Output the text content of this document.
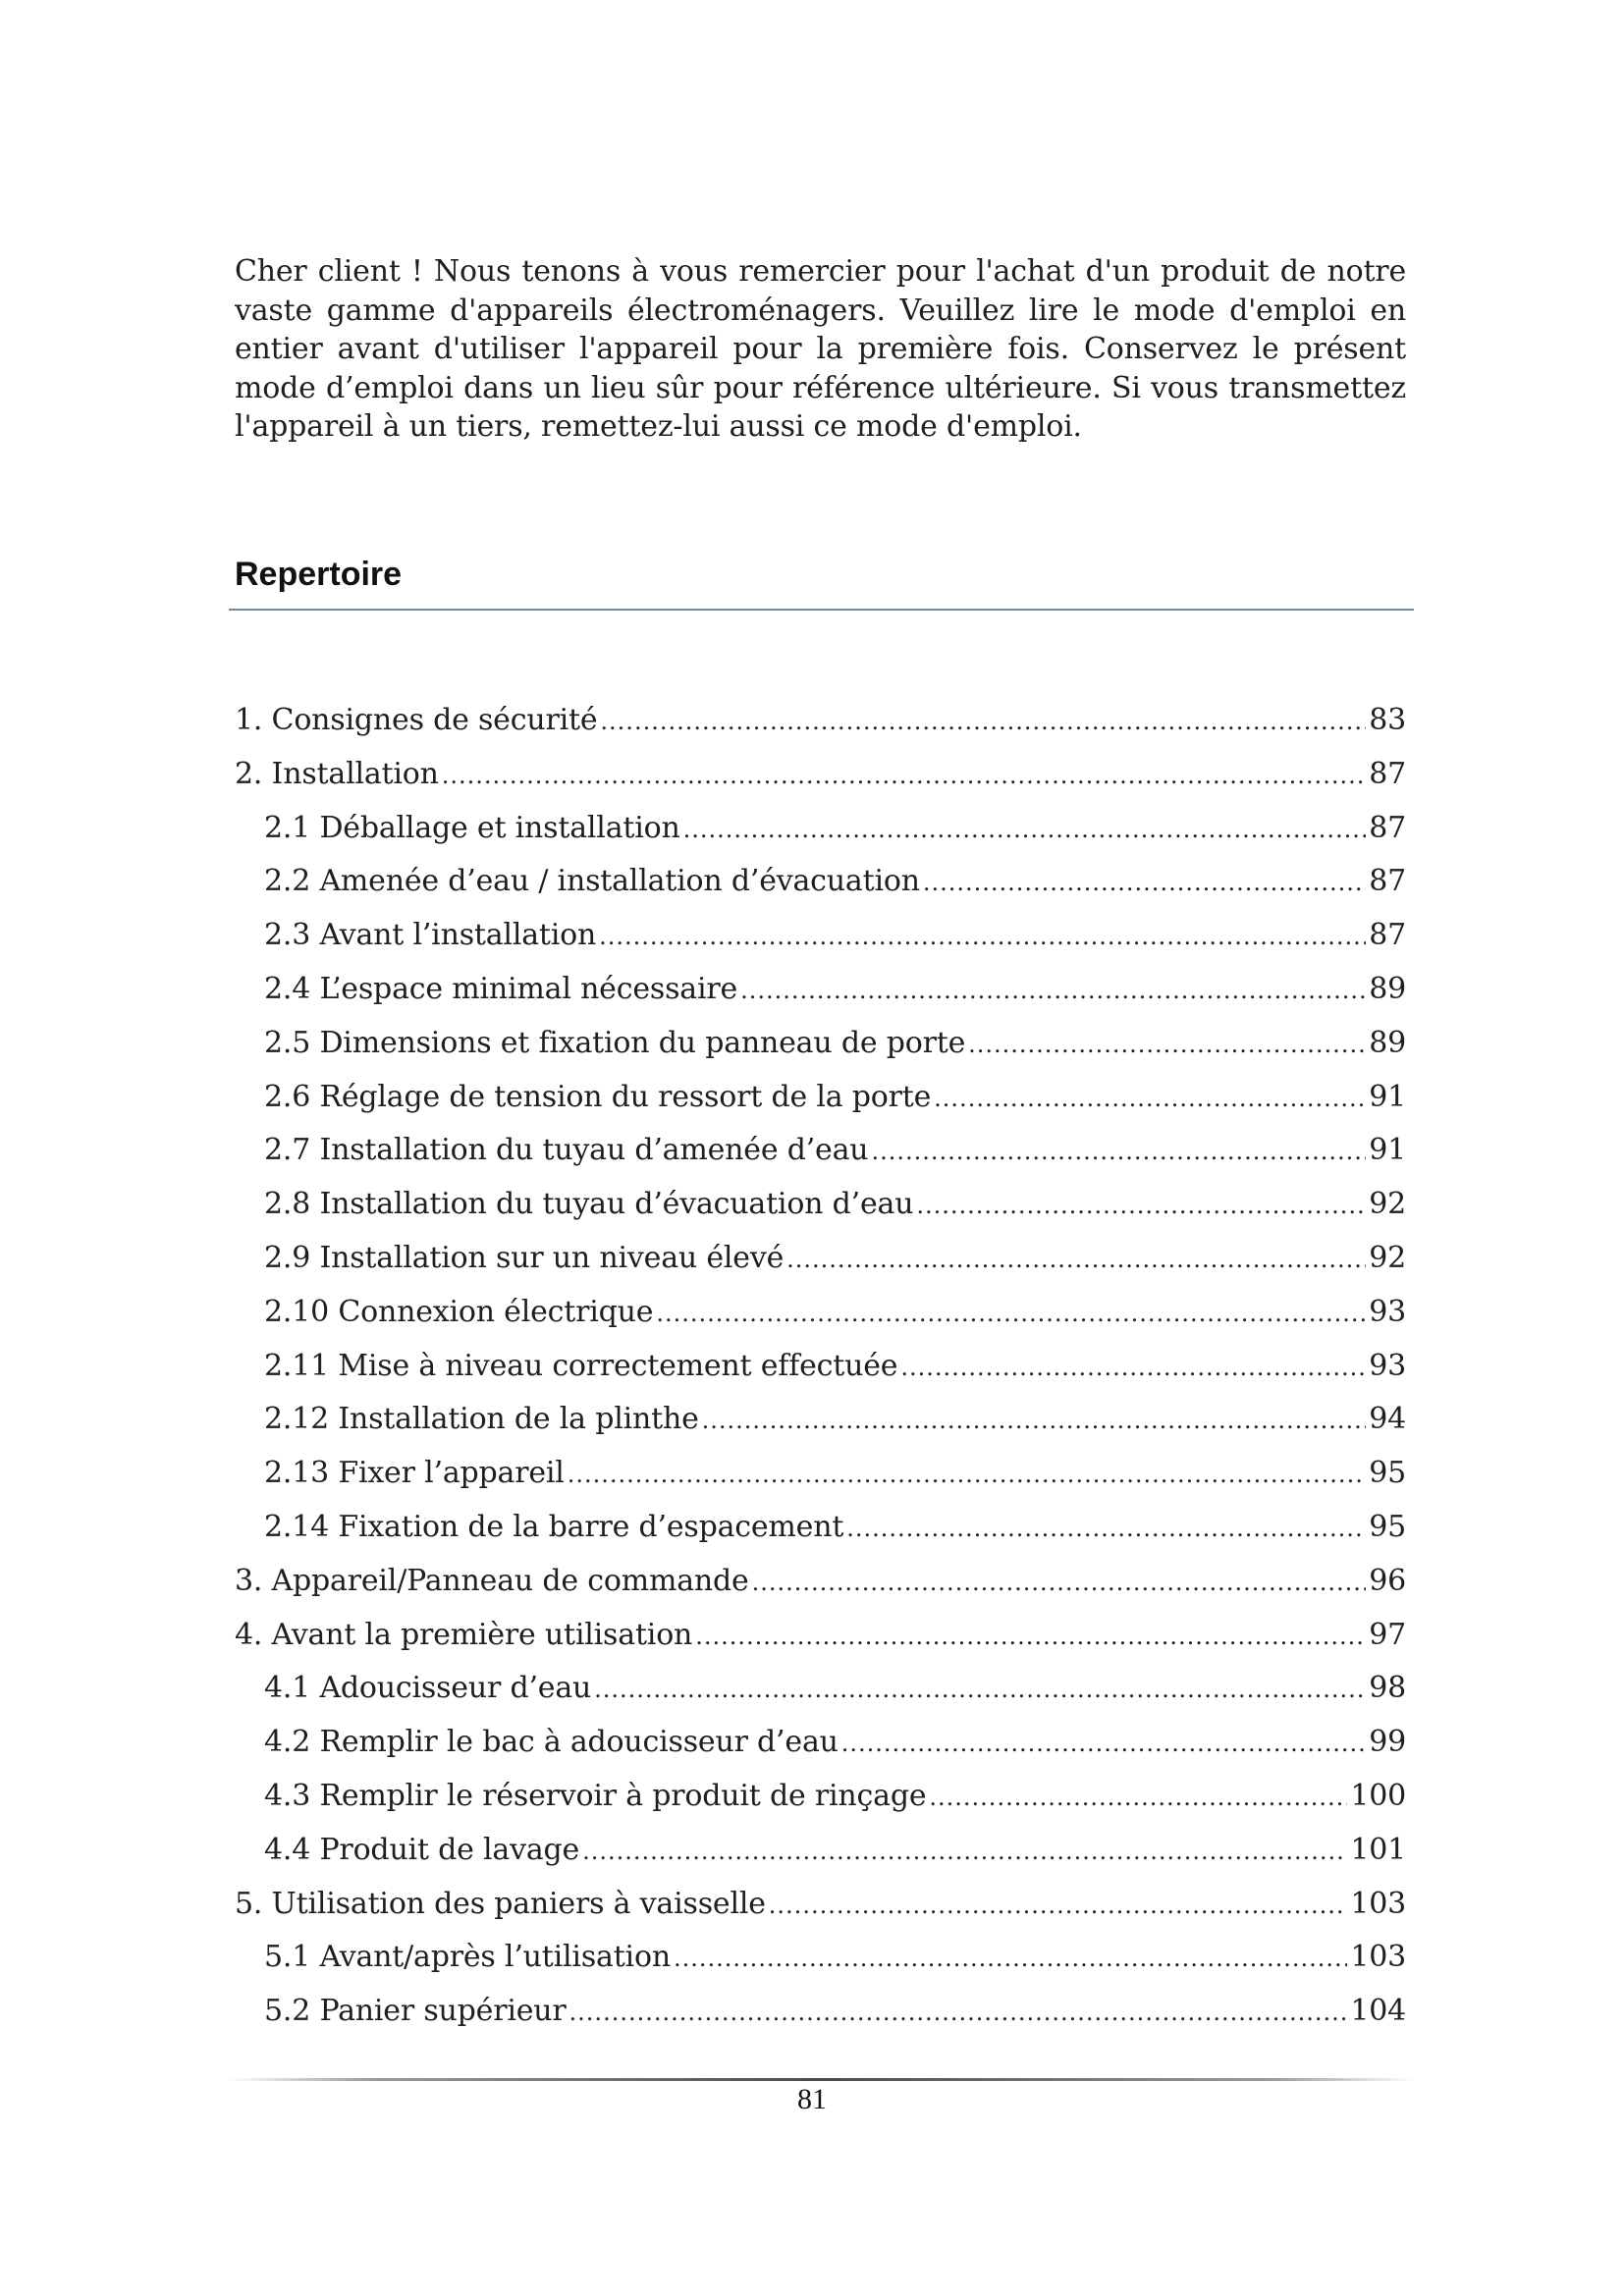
Cher client ! Nous tenons à vous remercier pour l'achat d'un produit de notre vaste gamme d'appareils électroménagers. Veuillez lire le mode d'emploi en entier avant d'utiliser l'appareil pour la première fois. Conservez le présent mode d’emploi dans un lieu sûr pour référence ultérieure. Si vous transmettez l'appareil à un tiers, remettez-lui aussi ce mode d'emploi.

Repertoire
1. Consignes de sécurité .....	83
2. Installation .....	87
2.1 Déballage et installation .....	87
2.2 Amenée d’eau / installation d’évacuation .....	87
2.3 Avant l’installation .....	87
2.4 L’espace minimal nécessaire .....	89
2.5 Dimensions et fixation du panneau de porte .....	89
2.6 Réglage de tension du ressort de la porte .....	91
2.7 Installation du tuyau d’amenée d’eau .....	91
2.8 Installation du tuyau d’évacuation d’eau .....	92
2.9 Installation sur un niveau élevé .....	92
2.10 Connexion électrique .....	93
2.11 Mise à niveau correctement effectuée .....	93
2.12 Installation de la plinthe .....	94
2.13 Fixer l’appareil .....	95
2.14 Fixation de la barre d’espacement .....	95
3. Appareil/Panneau de commande .....	96
4. Avant la première utilisation .....	97
4.1 Adoucisseur d’eau .....	98
4.2 Remplir le bac à adoucisseur d’eau .....	99
4.3 Remplir le réservoir à produit de rinçage .....	100
4.4 Produit de lavage .....	101
5. Utilisation des paniers à vaisselle .....	103
5.1 Avant/après l’utilisation .....	103
5.2 Panier supérieur .....	104
81
